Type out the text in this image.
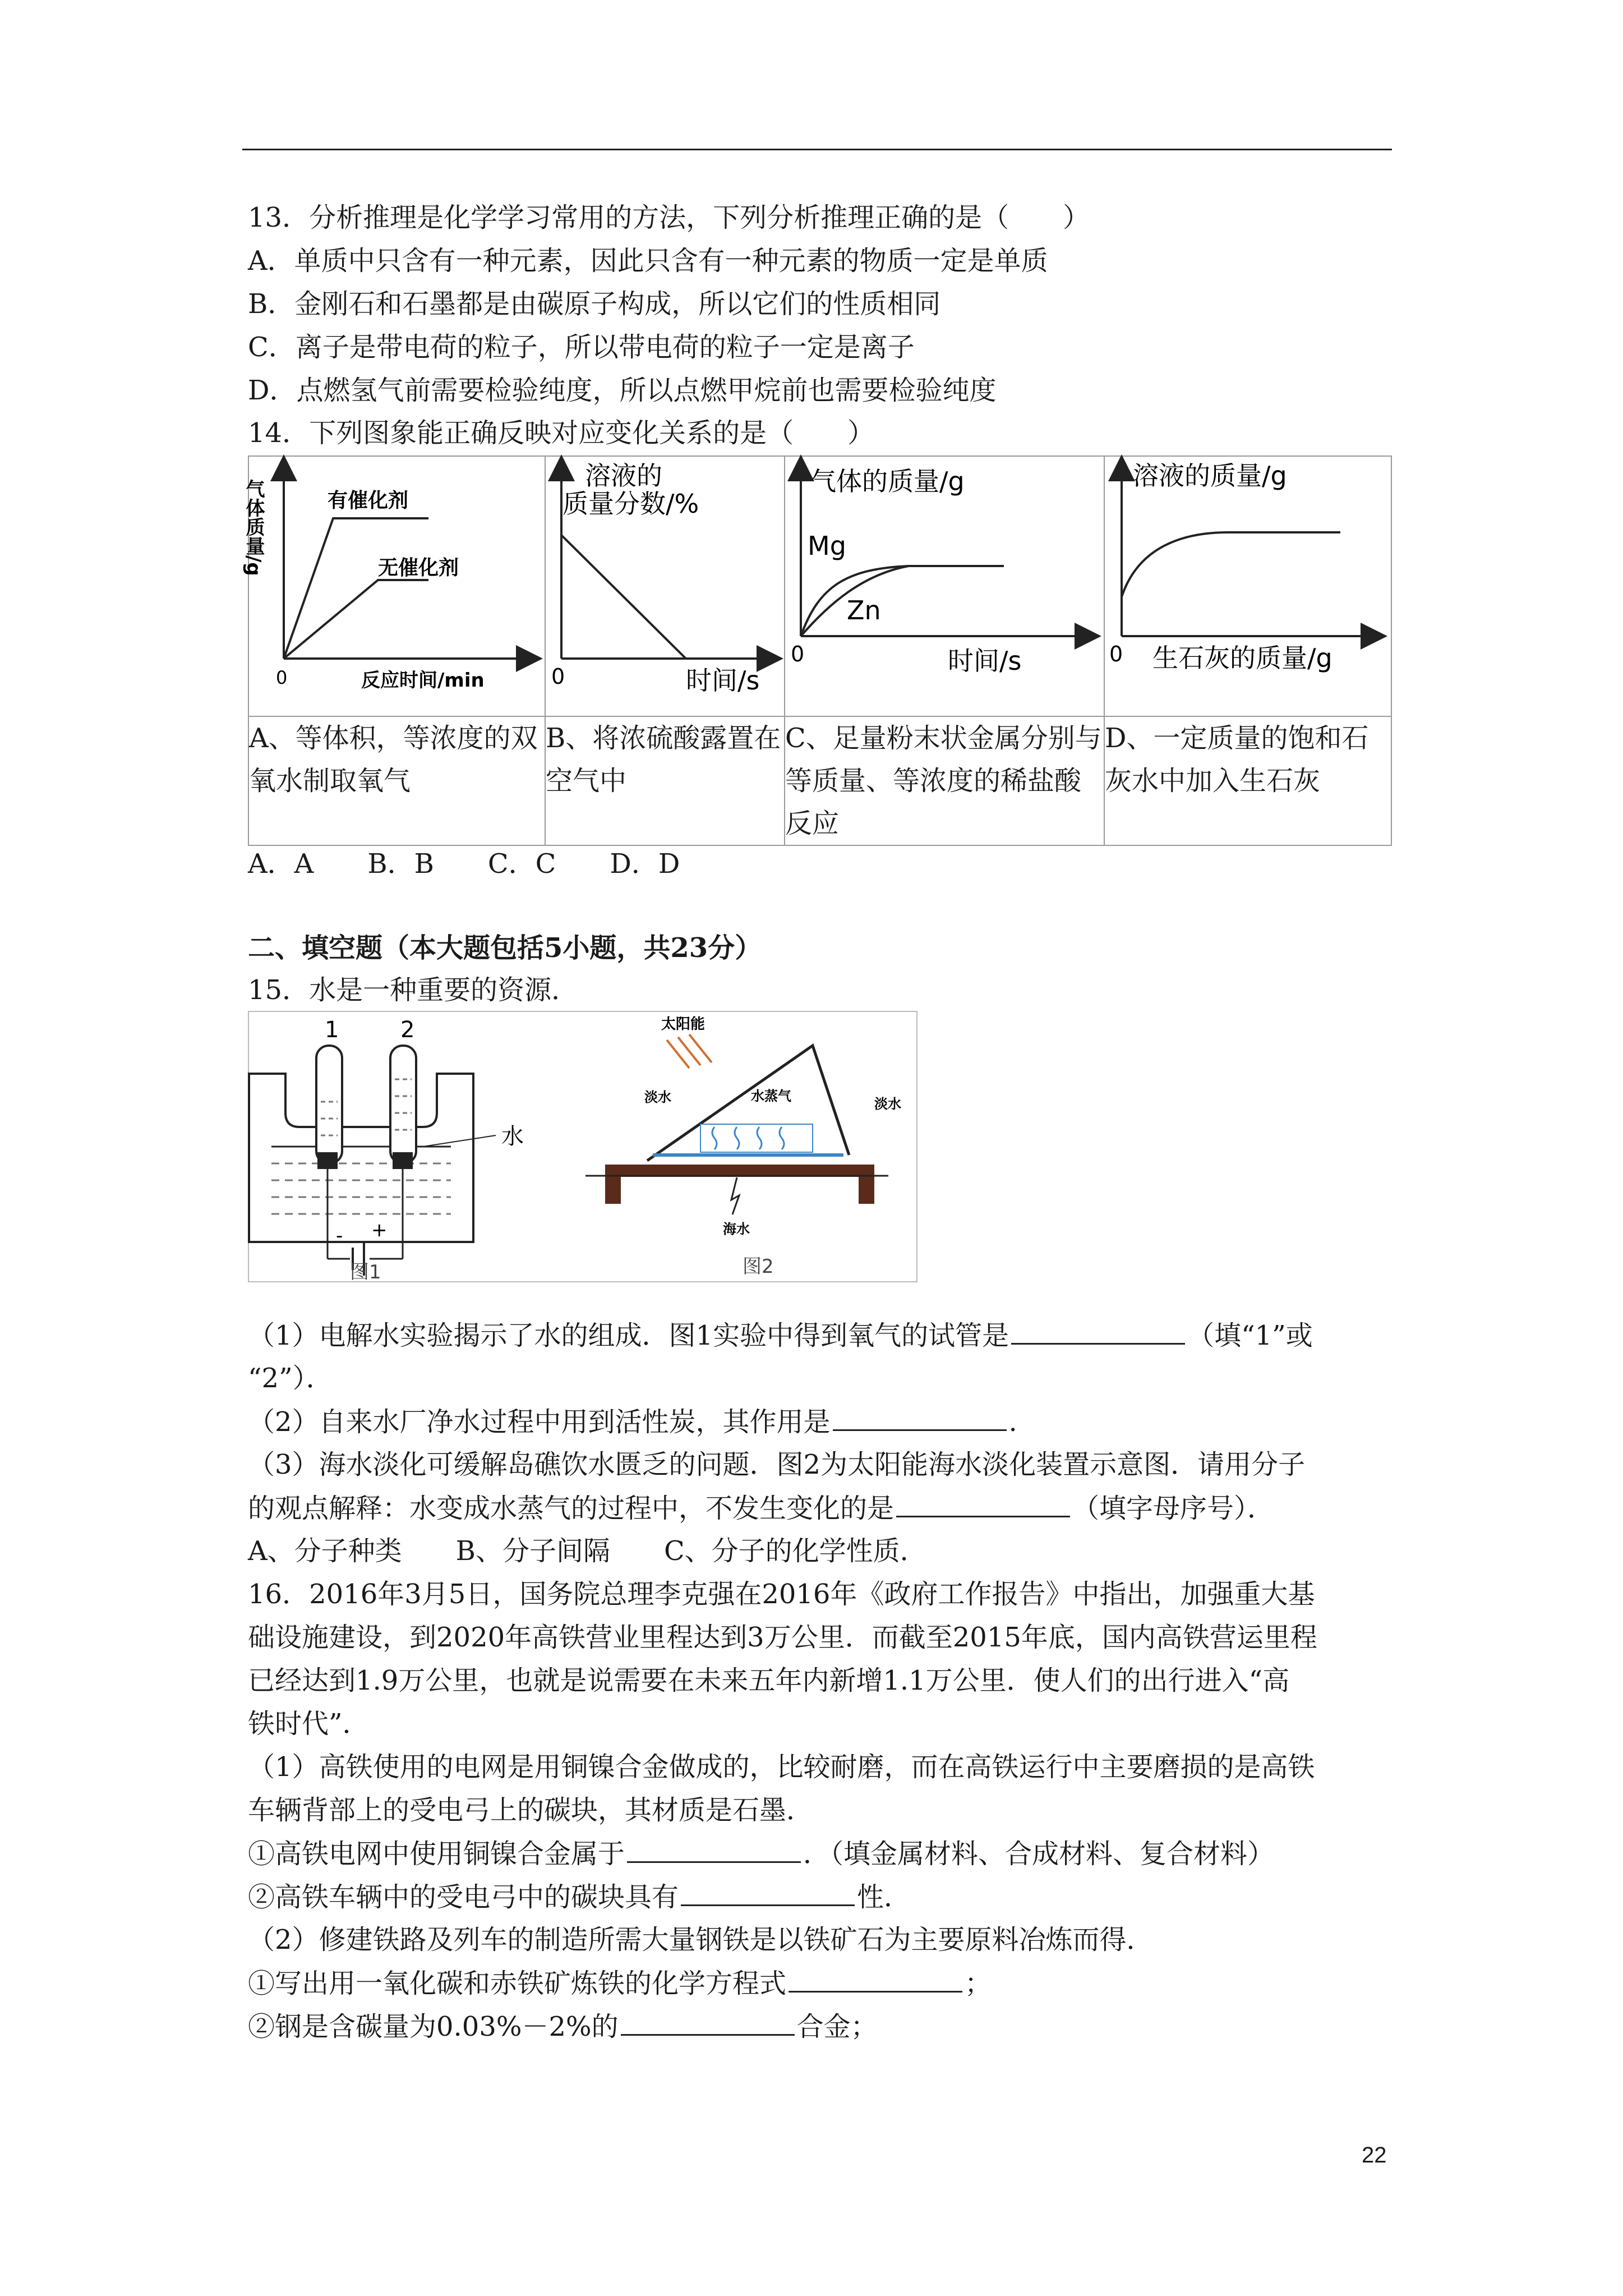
13．分析推理是化学学习常用的方法，下列分析推理正确的是（　　）
A．单质中只含有一种元素，因此只含有一种元素的物质一定是单质
B．金刚石和石墨都是由碳原子构成，所以它们的性质相同
C．离子是带电荷的粒子，所以带电荷的粒子一定是离子
D．点燃氢气前需要检验纯度，所以点燃甲烷前也需要检验纯度
14．下列图象能正确反映对应变化关系的是（　　）
气体质量/g 有催化剂
无催化剂
0 反应时间/min	溶液的
质量分数/%
0 时间/s	气体的质量/g
Mg
Zn
0 时间/s	溶液的质量/g
0 生石灰的质量/g

A、等体积，等浓度的双氧水制取氧气	B、将浓硫酸露置在空气中	C、足量粉末状金属分别与等质量、等浓度的稀盐酸反应	D、一定质量的饱和石灰水中加入生石灰
A．A　　B．B　　C．C　　D．D
二、填空题（本大题包括5小题，共23分）
15．水是一种重要的资源．
1	2
水
- +
图1
太阳能
水蒸气
淡水	淡水
海水
图2
（1）电解水实验揭示了水的组成．图1实验中得到氧气的试管是	（填“1”或
“2”）．
（2）自来水厂净水过程中用到活性炭，其作用是	.
（3）海水淡化可缓解岛礁饮水匮乏的问题．图2为太阳能海水淡化装置示意图．请用分子
的观点解释：水变成水蒸气的过程中，不发生变化的是	（填字母序号）．
A、分子种类　　B、分子间隔　　C、分子的化学性质．
16．2016年3月5日，国务院总理李克强在2016年《政府工作报告》中指出，加强重大基
础设施建设，到2020年高铁营业里程达到3万公里．而截至2015年底，国内高铁营运里程
已经达到1.9万公里，也就是说需要在未来五年内新增1.1万公里．使人们的出行进入“高
铁时代”．
（1）高铁使用的电网是用铜镍合金做成的，比较耐磨，而在高铁运行中主要磨损的是高铁
车辆背部上的受电弓上的碳块，其材质是石墨．
①高铁电网中使用铜镍合金属于	．（填金属材料、合成材料、复合材料）
②高铁车辆中的受电弓中的碳块具有	性．
（2）修建铁路及列车的制造所需大量钢铁是以铁矿石为主要原料冶炼而得．
①写出用一氧化碳和赤铁矿炼铁的化学方程式	；
②钢是含碳量为0.03%－2%的	合金；
22
